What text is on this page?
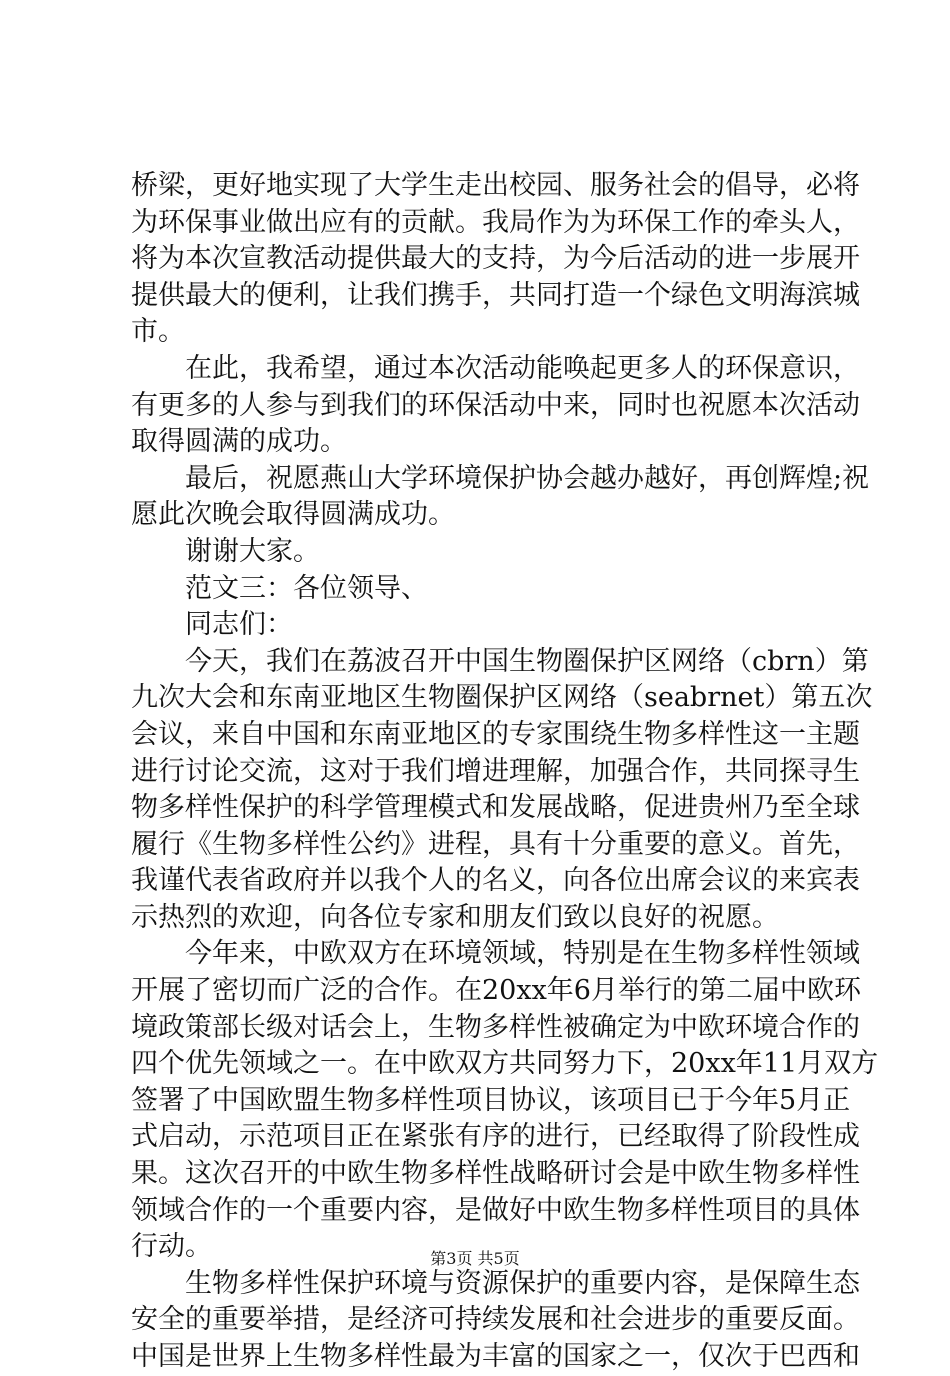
桥梁，更好地实现了大学生走出校园、服务社会的倡导，必将
为环保事业做出应有的贡献。我局作为为环保工作的牵头人，
将为本次宣教活动提供最大的支持，为今后活动的进一步展开
提供最大的便利，让我们携手，共同打造一个绿色文明海滨城
市。
在此，我希望，通过本次活动能唤起更多人的环保意识，
有更多的人参与到我们的环保活动中来，同时也祝愿本次活动
取得圆满的成功。
最后，祝愿燕山大学环境保护协会越办越好，再创辉煌;祝
愿此次晚会取得圆满成功。
谢谢大家。
范文三：各位领导、
同志们：
今天，我们在荔波召开中国生物圈保护区网络（cbrn）第
九次大会和东南亚地区生物圈保护区网络（seabrnet）第五次
会议，来自中国和东南亚地区的专家围绕生物多样性这一主题
进行讨论交流，这对于我们增进理解，加强合作，共同探寻生
物多样性保护的科学管理模式和发展战略，促进贵州乃至全球
履行《生物多样性公约》进程，具有十分重要的意义。首先，
我谨代表省政府并以我个人的名义，向各位出席会议的来宾表
示热烈的欢迎，向各位专家和朋友们致以良好的祝愿。
今年来，中欧双方在环境领域，特别是在生物多样性领域
开展了密切而广泛的合作。在20xx年6月举行的第二届中欧环
境政策部长级对话会上，生物多样性被确定为中欧环境合作的
四个优先领域之一。在中欧双方共同努力下，20xx年11月双方
签署了中国欧盟生物多样性项目协议，该项目已于今年5月正
式启动，示范项目正在紧张有序的进行，已经取得了阶段性成
果。这次召开的中欧生物多样性战略研讨会是中欧生物多样性
领域合作的一个重要内容，是做好中欧生物多样性项目的具体
行动。
生物多样性保护环境与资源保护的重要内容，是保障生态
安全的重要举措，是经济可持续发展和社会进步的重要反面。
中国是世界上生物多样性最为丰富的国家之一，仅次于巴西和
第3页 共5页
